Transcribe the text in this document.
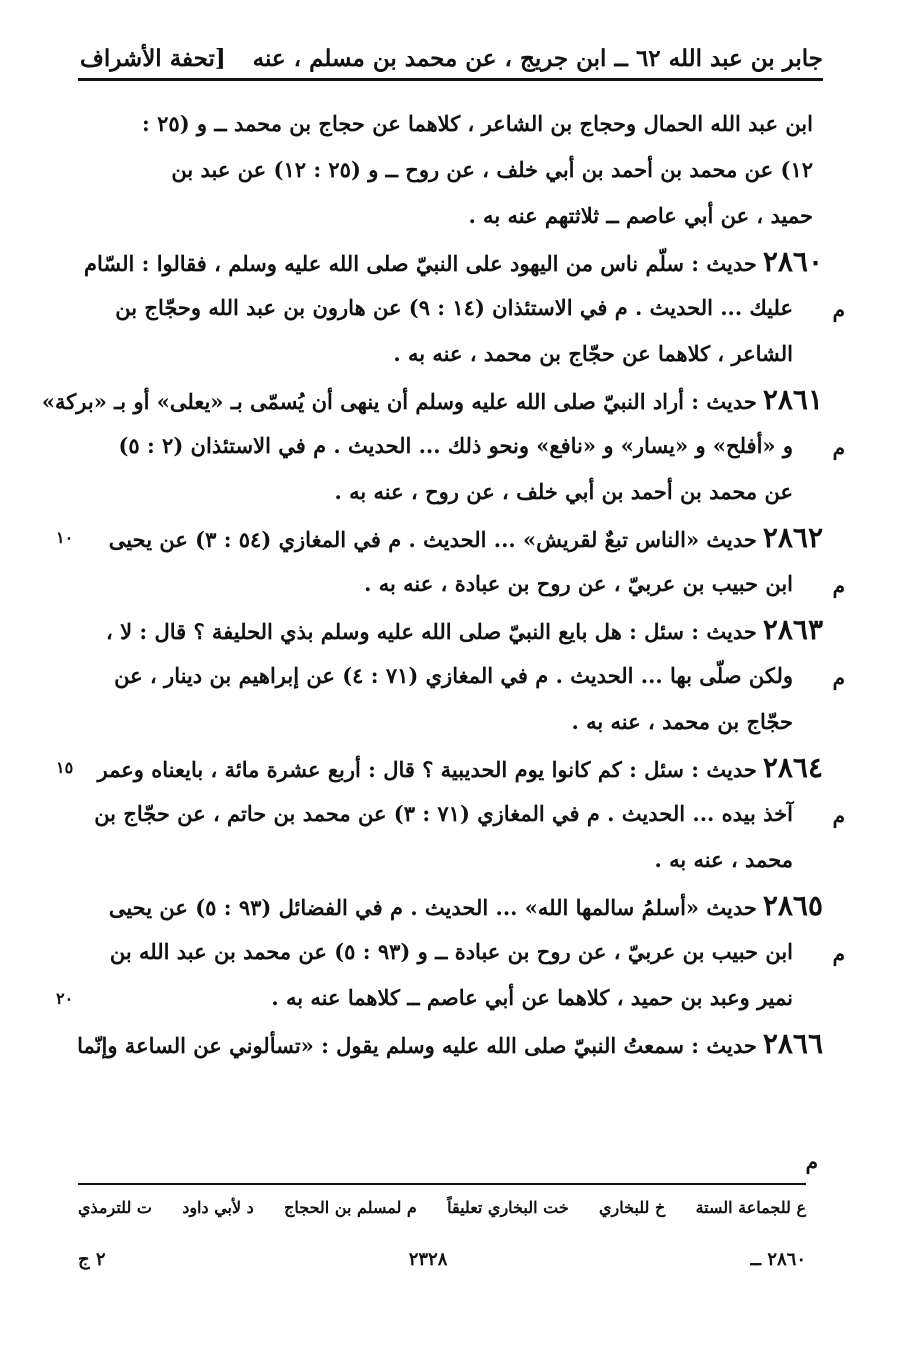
جابر بن عبد الله ٦٢ ــ ابن جريج ، عن محمد بن مسلم ، عنه
[تحفة الأشراف
ابن عبد الله الحمال وحجاج بن الشاعر ، كلاهما عن حجاج بن محمد ــ و (٢٥ :
١٢) عن محمد بن أحمد بن أبي خلف ، عن روح ــ و (٢٥ : ١٢) عن عبد بن
حميد ، عن أبي عاصم ــ ثلاثتهم عنه به .
٢٨٦٠حديث : سلّم ناس من اليهود على النبيّ صلى الله عليه وسلم ، فقالوا : السّام
عليك ... الحديث . م في الاستئذان (١٤ : ٩) عن هارون بن عبد الله وحجّاج بن
الشاعر ، كلاهما عن حجّاج بن محمد ، عنه به .
م
٢٨٦١حديث : أراد النبيّ صلى الله عليه وسلم أن ينهى أن يُسمّى بـ «يعلى» أو بـ «بركة»
و «أفلح» و «يسار» و «نافع» ونحو ذلك ... الحديث . م في الاستئذان (٢ : ٥)
عن محمد بن أحمد بن أبي خلف ، عن روح ، عنه به .
م
٢٨٦٢حديث «الناس تبعٌ لقريش» ... الحديث . م في المغازي (٥٤ : ٣) عن يحيى
ابن حبيب بن عربيّ ، عن روح بن عبادة ، عنه به .	م
١٠
٢٨٦٣حديث : سئل : هل بايع النبيّ صلى الله عليه وسلم بذي الحليفة ؟ قال : لا ،
ولكن صلّى بها ... الحديث . م في المغازي (٧١ : ٤) عن إبراهيم بن دينار ، عن
حجّاج بن محمد ، عنه به .
م
٢٨٦٤حديث : سئل : كم كانوا يوم الحديبية ؟ قال : أربع عشرة مائة ، بايعناه وعمر
آخذ بيده ... الحديث . م في المغازي (٧١ : ٣) عن محمد بن حاتم ، عن حجّاج بن
محمد ، عنه به .
م
١٥
٢٨٦٥حديث «أسلمُ سالمها الله» ... الحديث . م في الفضائل (٩٣ : ٥) عن يحيى
ابن حبيب بن عربيّ ، عن روح بن عبادة ــ و (٩٣ : ٥) عن محمد بن عبد الله بن
نمير وعبد بن حميد ، كلاهما عن أبي عاصم ــ كلاهما عنه به .
م
٢٠
٢٨٦٦حديث : سمعتُ النبيّ صلى الله عليه وسلم يقول : «تسألوني عن الساعة وإنّما
م
ع للجماعة الستة
خ للبخاري
خت البخاري تعليقاً
م لمسلم بن الحجاج
د لأبي داود
ت للترمذي
٢٨٦٠ ــ
٢٣٢٨
٢ ج
